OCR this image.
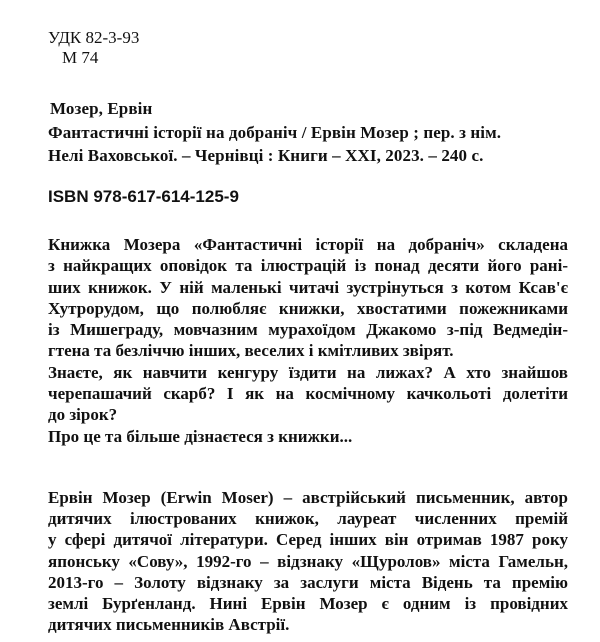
УДК 82-3-93
М 74
Мозер, Ервін
Фантастичні історії на добраніч / Ервін Мозер ; пер. з нім.
Нелі Ваховської. – Чернівці : Книги – ХХІ, 2023. – 240 с.
ISBN 978-617-614-125-9
Книжка Мозера «Фантастичні історії на добраніч» складена
з найкращих оповідок та ілюстрацій із понад десяти його ранi-
ших книжок. У ній маленькі читачі зустрінуться з котом Ксав'є
Хутрорудом, що полюбляє книжки, хвостатими пожежниками
із Мишеграду, мовчазним мурахоїдом Джакомо з-під Ведмедін-
гтена та безліччю інших, веселих і кмітливих звірят.
Знаєте, як навчити кенгуру їздити на лижах? А хто знайшов
черепашачий скарб? І як на космічному качкольоті долетіти
до зірок?
Про це та більше дізнаєтеся з книжки...
Ервін Мозер (Erwin Moser) – австрійський письменник, автор
дитячих ілюстрованих книжок, лауреат численних премій
у сфері дитячої літератури. Серед інших він отримав 1987 року
японську «Сову», 1992-го – відзнаку «Щуролов» міста Гамельн,
2013-го – Золоту відзнаку за заслуги міста Відень та премію
землі Бурґенланд. Нині Ервін Мозер є одним із провідних
дитячих письменників Австрії.
